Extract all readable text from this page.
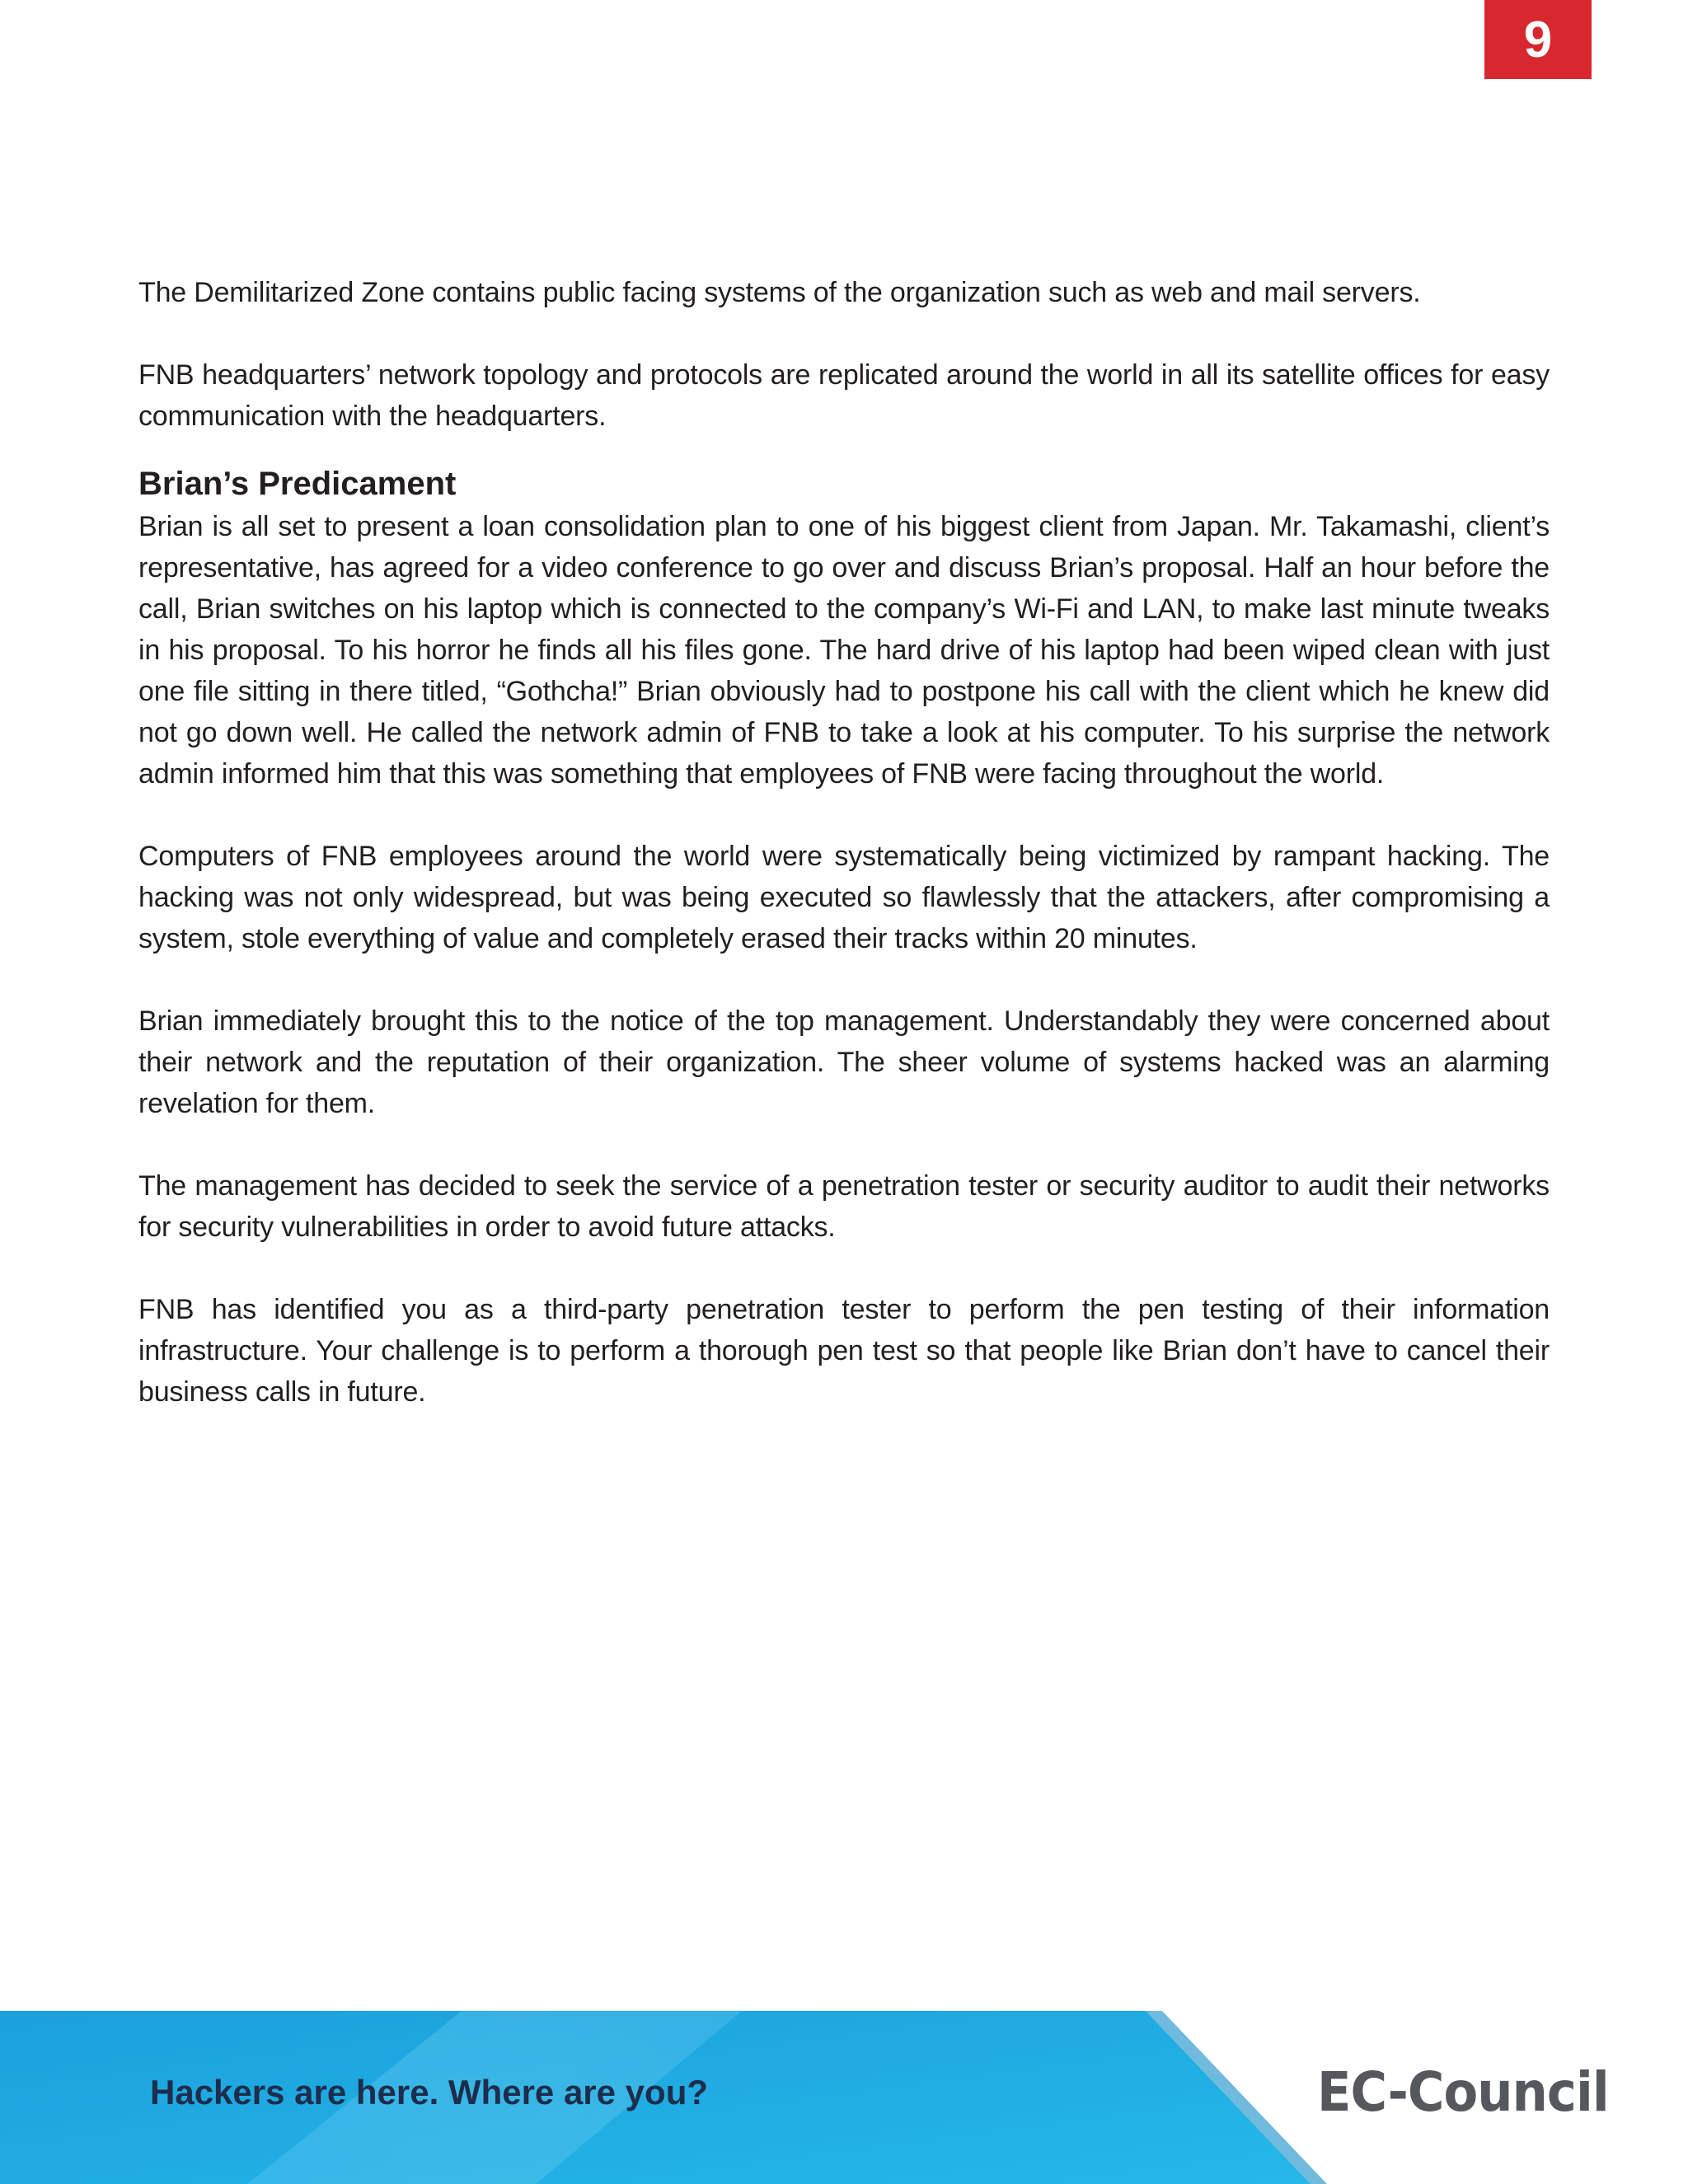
9

The Demilitarized Zone contains public facing systems of the organization such as web and mail servers.

FNB headquarters’ network topology and protocols are replicated around the world in all its satellite offices for easy communication with the headquarters.

Brian’s Predicament

Brian is all set to present a loan consolidation plan to one of his biggest client from Japan. Mr. Takamashi, client’s representative, has agreed for a video conference to go over and discuss Brian’s proposal. Half an hour before the call, Brian switches on his laptop which is connected to the company’s Wi-Fi and LAN, to make last minute tweaks in his proposal. To his horror he finds all his files gone. The hard drive of his laptop had been wiped clean with just one file sitting in there titled, “Gothcha!” Brian obviously had to postpone his call with the client which he knew did not go down well. He called the network admin of FNB to take a look at his computer. To his surprise the network admin informed him that this was something that employees of FNB were facing throughout the world.

Computers of FNB employees around the world were systematically being victimized by rampant hacking. The hacking was not only widespread, but was being executed so flawlessly that the attackers, after compromising a system, stole everything of value and completely erased their tracks within 20 minutes.

Brian immediately brought this to the notice of the top management. Understandably they were concerned about their network and the reputation of their organization. The sheer volume of systems hacked was an alarming revelation for them.

The management has decided to seek the service of a penetration tester or security auditor to audit their networks for security vulnerabilities in order to avoid future attacks.

FNB has identified you as a third-party penetration tester to perform the pen testing of their information infrastructure. Your challenge is to perform a thorough pen test so that people like Brian don’t have to cancel their business calls in future.

Hackers are here. Where are you?	EC-Council
